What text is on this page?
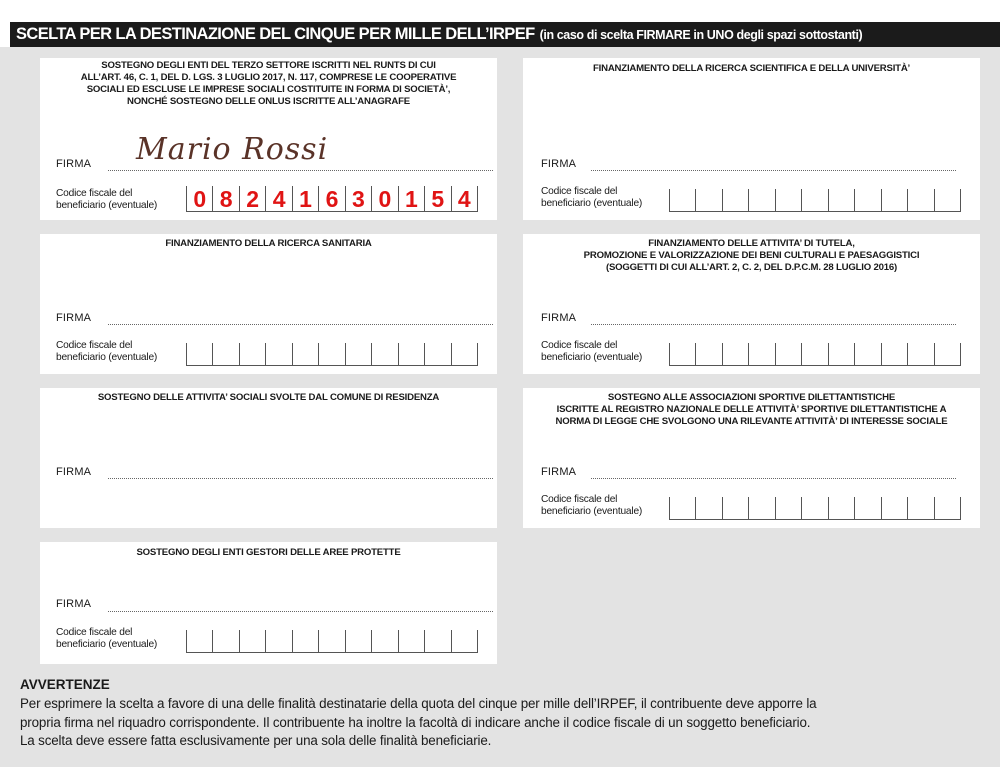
SCELTA PER LA DESTINAZIONE DEL CINQUE PER MILLE DELL’IRPEF (in caso di scelta FIRMARE in UNO degli spazi sottostanti)
SOSTEGNO DEGLI ENTI DEL TERZO SETTORE ISCRITTI NEL RUNTS DI CUI
ALL’ART. 46, C. 1, DEL D. LGS. 3 LUGLIO 2017, N. 117, COMPRESE LE COOPERATIVE
SOCIALI ED ESCLUSE LE IMPRESE SOCIALI COSTITUITE IN FORMA DI SOCIETÀ’,
NONCHÉ SOSTEGNO DELLE ONLUS ISCRITTE ALL’ANAGRAFE
FIRMA Mario Rossi
Codice fiscale del
beneficiario (eventuale) 0 8 2 4 1 6 3 0 1 5 4
FINANZIAMENTO DELLA RICERCA SCIENTIFICA E DELLA UNIVERSITÀ’
FIRMA
Codice fiscale del
beneficiario (eventuale)
FINANZIAMENTO DELLA RICERCA SANITARIA
FIRMA
Codice fiscale del
beneficiario (eventuale)
FINANZIAMENTO DELLE ATTIVITA’ DI TUTELA,
PROMOZIONE E VALORIZZAZIONE DEI BENI CULTURALI E PAESAGGISTICI
(SOGGETTI DI CUI ALL’ART. 2, C. 2, DEL D.P.C.M. 28 LUGLIO 2016)
FIRMA
Codice fiscale del
beneficiario (eventuale)
SOSTEGNO DELLE ATTIVITA’ SOCIALI SVOLTE DAL COMUNE DI RESIDENZA
FIRMA
SOSTEGNO ALLE ASSOCIAZIONI SPORTIVE DILETTANTISTICHE
ISCRITTE AL REGISTRO NAZIONALE DELLE ATTIVITÀ’ SPORTIVE DILETTANTISTICHE A
NORMA DI LEGGE CHE SVOLGONO UNA RILEVANTE ATTIVITÀ’ DI INTERESSE SOCIALE
FIRMA
Codice fiscale del
beneficiario (eventuale)
SOSTEGNO DEGLI ENTI GESTORI DELLE AREE PROTETTE
FIRMA
Codice fiscale del
beneficiario (eventuale)
AVVERTENZE
Per esprimere la scelta a favore di una delle finalità destinatarie della quota del cinque per mille dell’IRPEF, il contribuente deve apporre la
propria firma nel riquadro corrispondente. Il contribuente ha inoltre la facoltà di indicare anche il codice fiscale di un soggetto beneficiario.
La scelta deve essere fatta esclusivamente per una sola delle finalità beneficiarie.
